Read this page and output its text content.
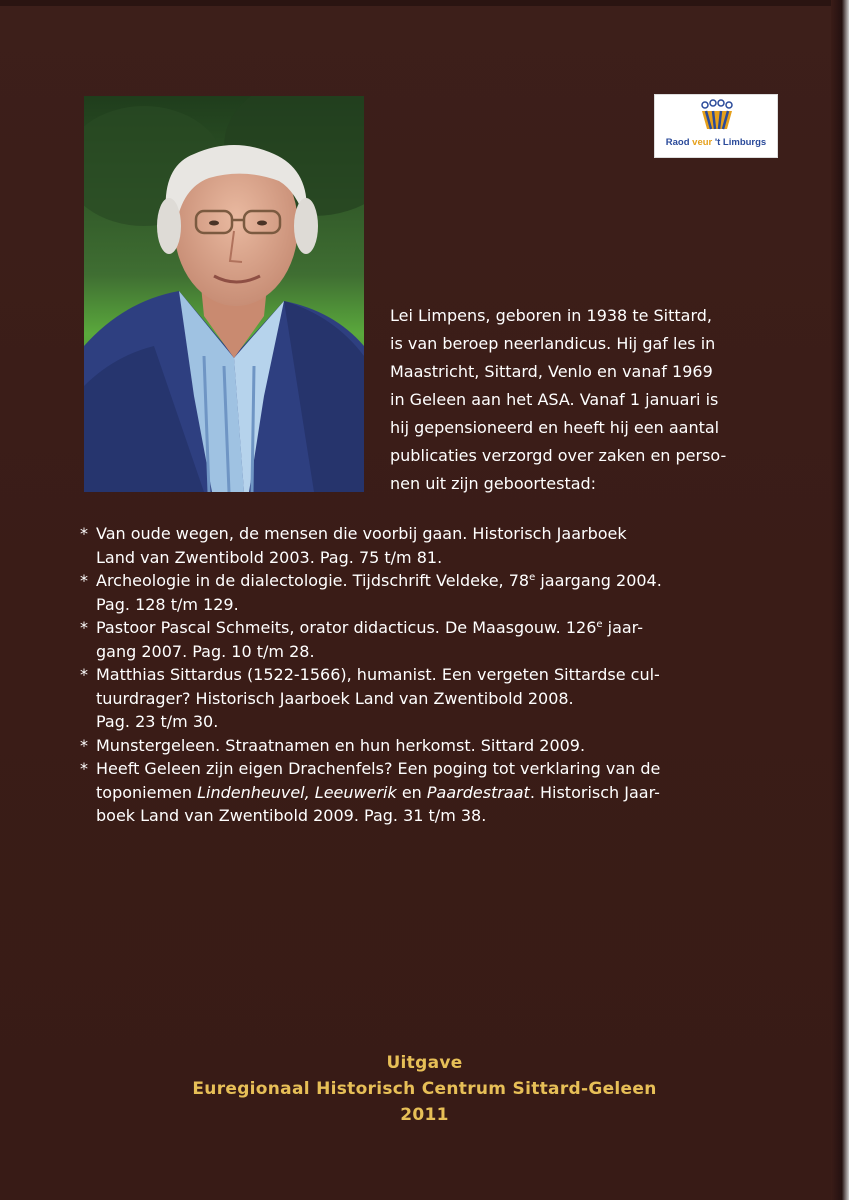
Raod veur 't Limburgs
Lei Limpens, geboren in 1938 te Sittard,
is van beroep neerlandicus. Hij gaf les in
Maastricht, Sittard, Venlo en vanaf 1969
in Geleen aan het ASA. Vanaf 1 januari is
hij gepensioneerd en heeft hij een aantal
publicaties verzorgd over zaken en perso-
nen uit zijn geboortestad:
* Van oude wegen, de mensen die voorbij gaan. Historisch Jaarboek
Land van Zwentibold 2003. Pag. 75 t/m 81.
* Archeologie in de dialectologie. Tijdschrift Veldeke, 78e jaargang 2004.
Pag. 128 t/m 129.
* Pastoor Pascal Schmeits, orator didacticus. De Maasgouw. 126e jaar-
gang 2007. Pag. 10 t/m 28.
* Matthias Sittardus (1522-1566), humanist. Een vergeten Sittardse cul-
tuurdrager? Historisch Jaarboek Land van Zwentibold 2008.
Pag. 23 t/m 30.
* Munstergeleen. Straatnamen en hun herkomst. Sittard 2009.
* Heeft Geleen zijn eigen Drachenfels? Een poging tot verklaring van de
toponiemen Lindenheuvel, Leeuwerik en Paardestraat. Historisch Jaar-
boek Land van Zwentibold 2009. Pag. 31 t/m 38.
Uitgave
Euregionaal Historisch Centrum Sittard-Geleen
2011
